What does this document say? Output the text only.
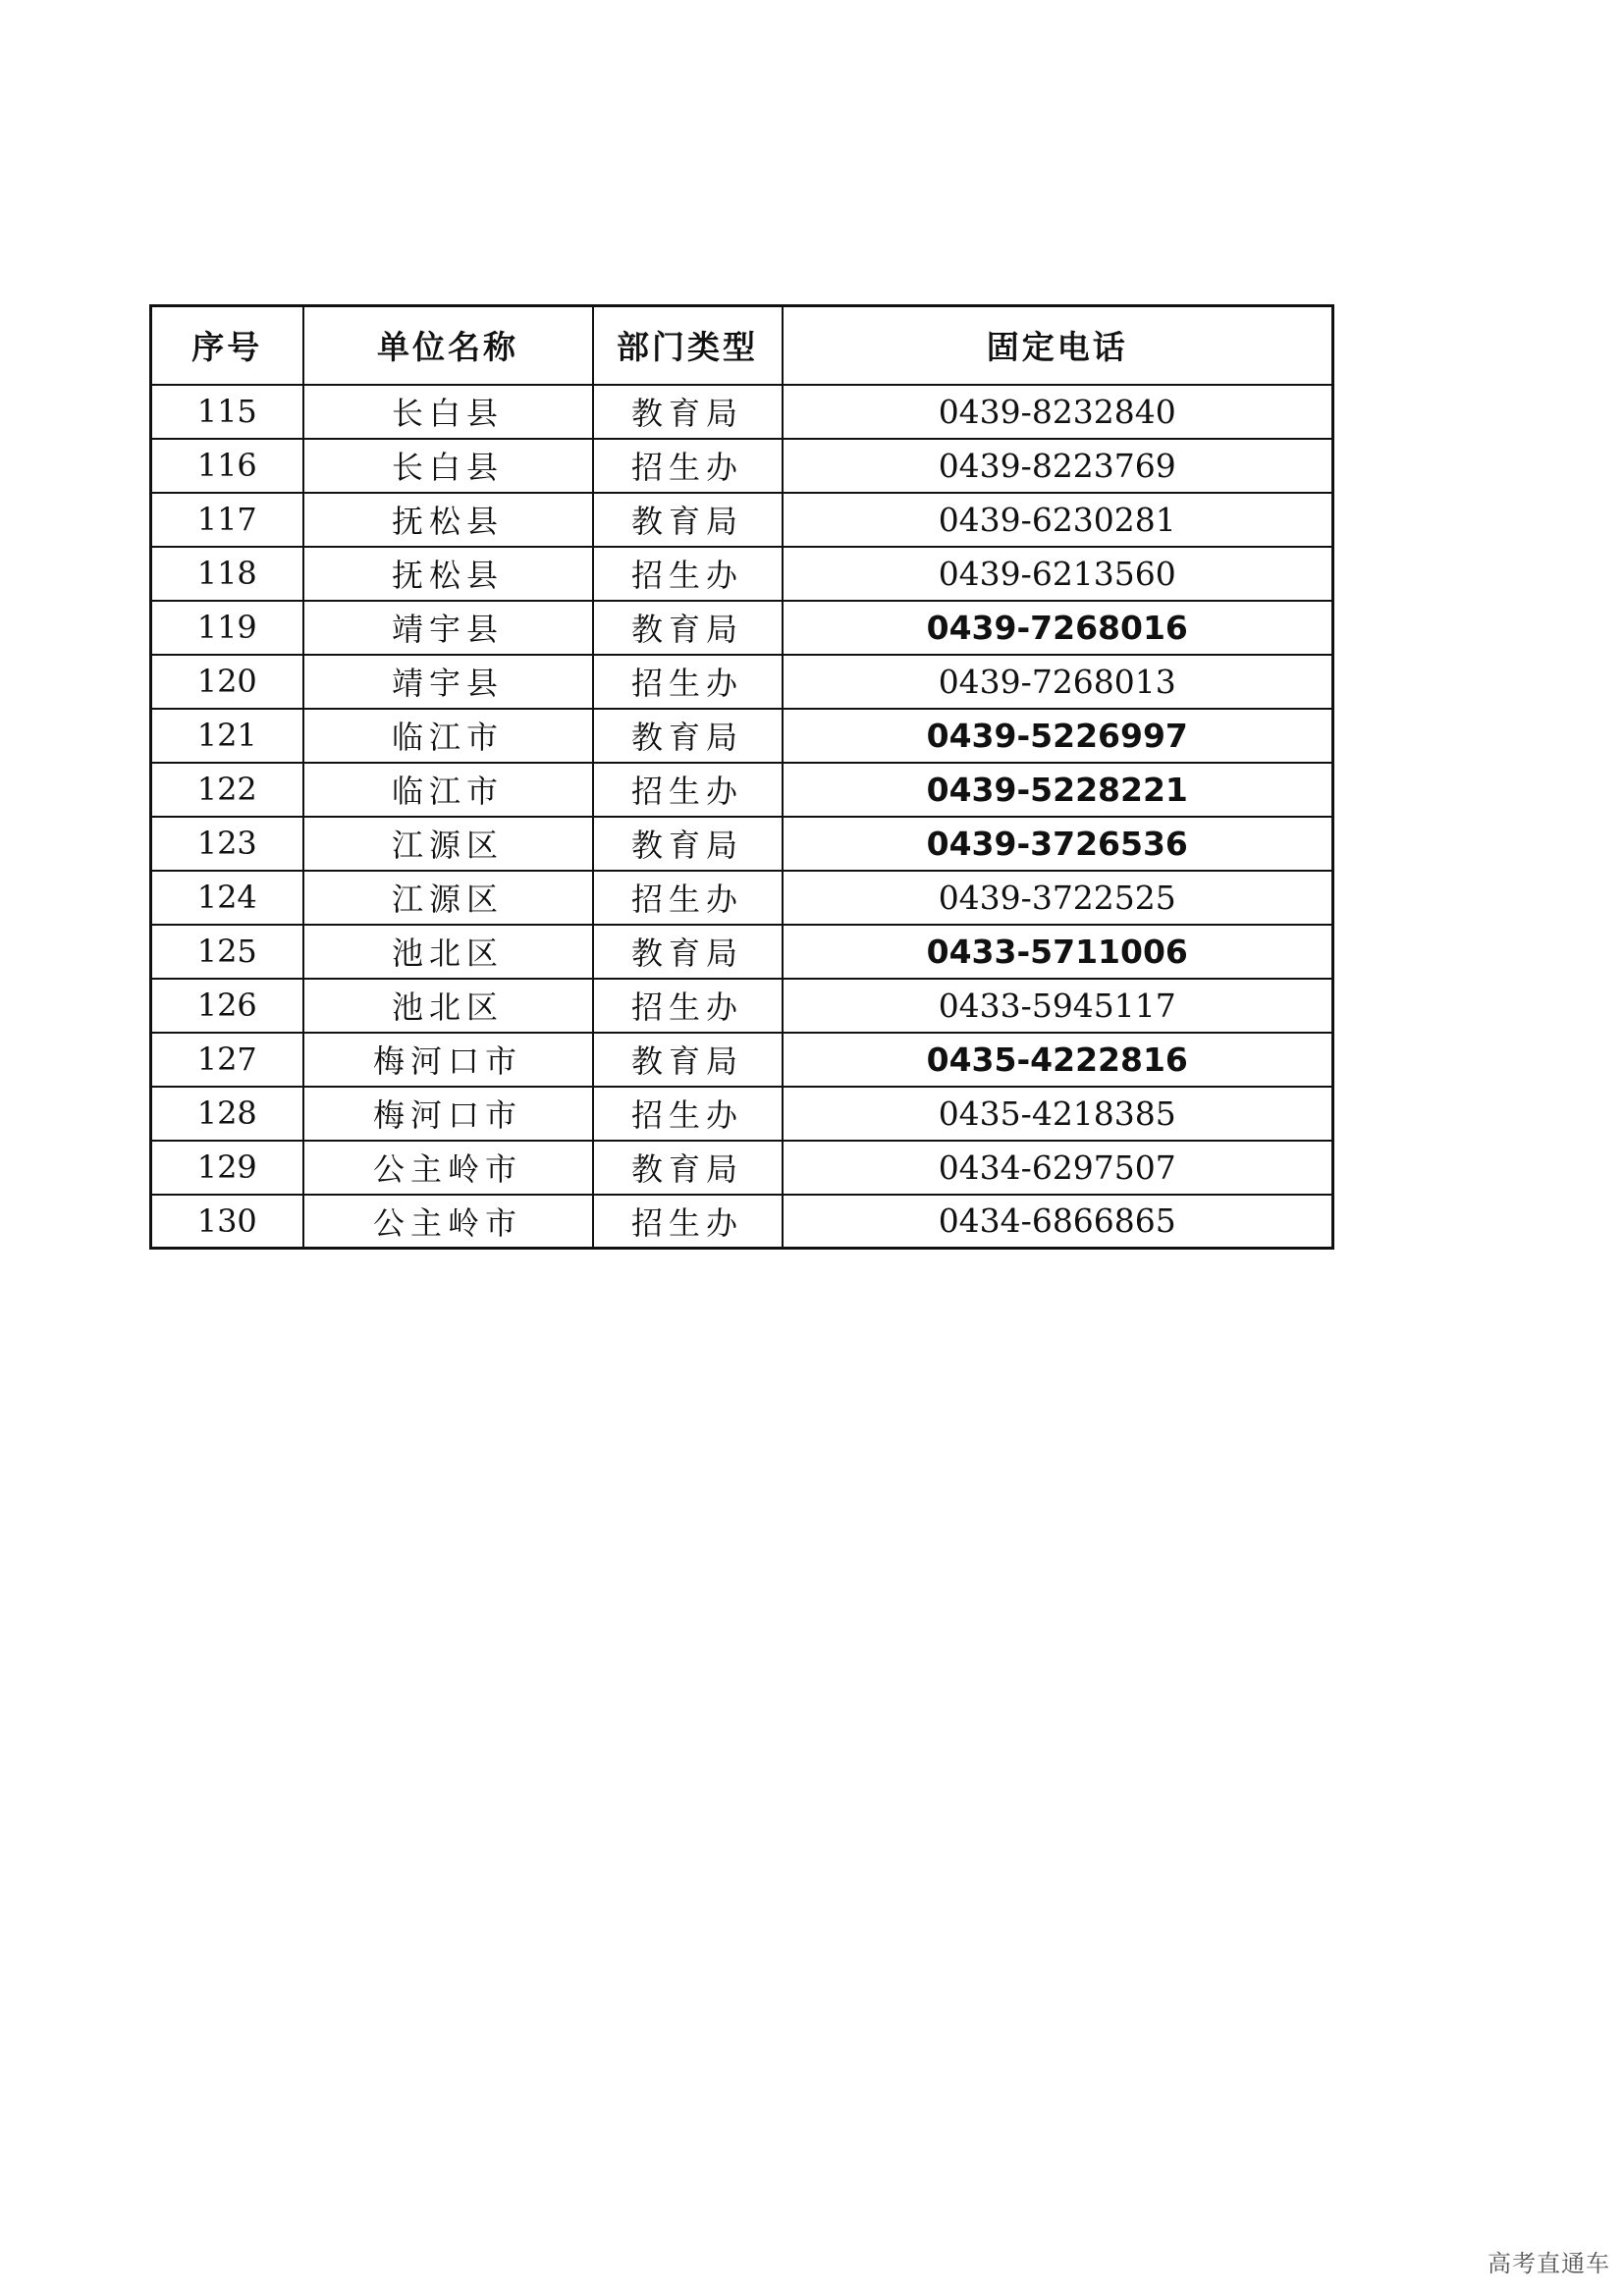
序号	单位名称	部门类型	固定电话
115	长白县	教育局	0439-8232840
116	长白县	招生办	0439-8223769
117	抚松县	教育局	0439-6230281
118	抚松县	招生办	0439-6213560
119	靖宇县	教育局	0439-7268016
120	靖宇县	招生办	0439-7268013
121	临江市	教育局	0439-5226997
122	临江市	招生办	0439-5228221
123	江源区	教育局	0439-3726536
124	江源区	招生办	0439-3722525
125	池北区	教育局	0433-5711006
126	池北区	招生办	0433-5945117
127	梅河口市	教育局	0435-4222816
128	梅河口市	招生办	0435-4218385
129	公主岭市	教育局	0434-6297507
130	公主岭市	招生办	0434-6866865
高考直通车
